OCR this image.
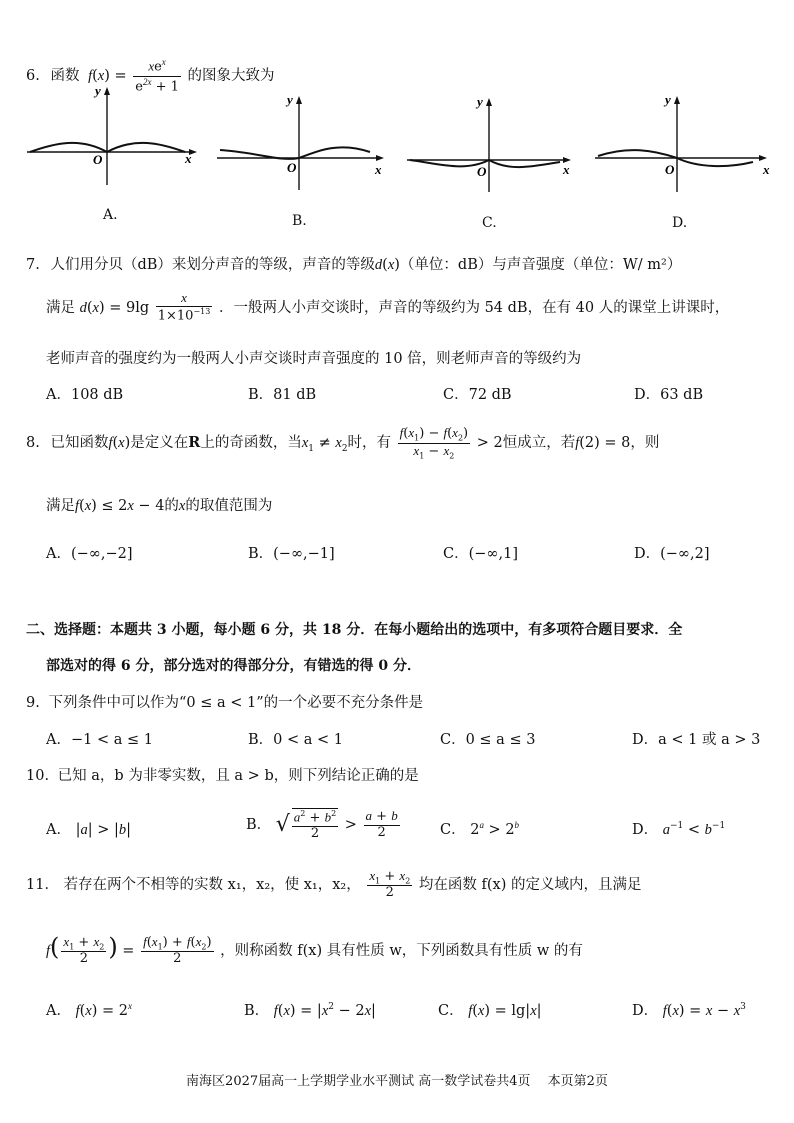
6. 函数 $f(x) = \frac{xe^x}{e^{2x} + 1}$ 的图象大致为
y
O	x
A.
y
O	x
B.
y
O	x
C.
y
O	x
D.
7. 人们用分贝（dB）来划分声音的等级，声音的等级d(x)（单位：dB）与声音强度（单位：W/ m²）
满足 $d(x) = 9\lg \frac{x}{1\times 10^{-13}}$ ．一般两人小声交谈时，声音的等级约为 54 dB，在有 40 人的课堂上讲课时，
老师声音的强度约为一般两人小声交谈时声音强度的 10 倍，则老师声音的等级约为
A．108 dB	B．81 dB	C．72 dB	D．63 dB
8. 已知函数f(x)是定义在R上的奇函数，当$x_1 \ne x_2$时，有 $\frac{f(x_1) - f(x_2)}{x_1 - x_2} > 2$恒成立，若f(2) = 8，则
满足f(x) ≤ 2x − 4的x的取值范围为
A．(−∞,−2]	B．(−∞,−1]	C．(−∞,1]	D．(−∞,2]
二、选择题：本题共 3 小题，每小题 6 分，共 18 分．在每小题给出的选项中，有多项符合题目要求．全
部选对的得 6 分，部分选对的得部分分，有错选的得 0 分．
9. 下列条件中可以作为“0 ≤ a < 1”的一个必要不充分条件是
A．−1 < a ≤ 1	B．0 < a < 1	C．0 ≤ a ≤ 3	D．a < 1 或 a > 3
10. 已知 a，b 为非零实数，且 a > b，则下列结论正确的是
A． |a| > |b|	B． √ $\frac{a^2 + b^2}{2} > \frac{a + b}{2}$	C． $2^a > 2^b$	D． $a^{-1} < b^{-1}$
11． 若存在两个不相等的实数 x₁，x₂，使 x₁，x₂， $\frac{x_1 + x_2}{2}$ 均在函数 f(x) 的定义域内，且满足
$f( \frac{x_1 + x_2}{2}$ ) = $\frac{f(x_1) + f(x_2)}{2}$ ，则称函数 f(x) 具有性质 w，下列函数具有性质 w 的有
A． $f(x) = 2^x$	B． $f(x) = |x^2 - 2x|$	C． f(x) = lg|x|	D． $f(x) = x - x^3$
南海区2027届高一上学期学业水平测试 高一数学试卷共4页　 本页第2页
